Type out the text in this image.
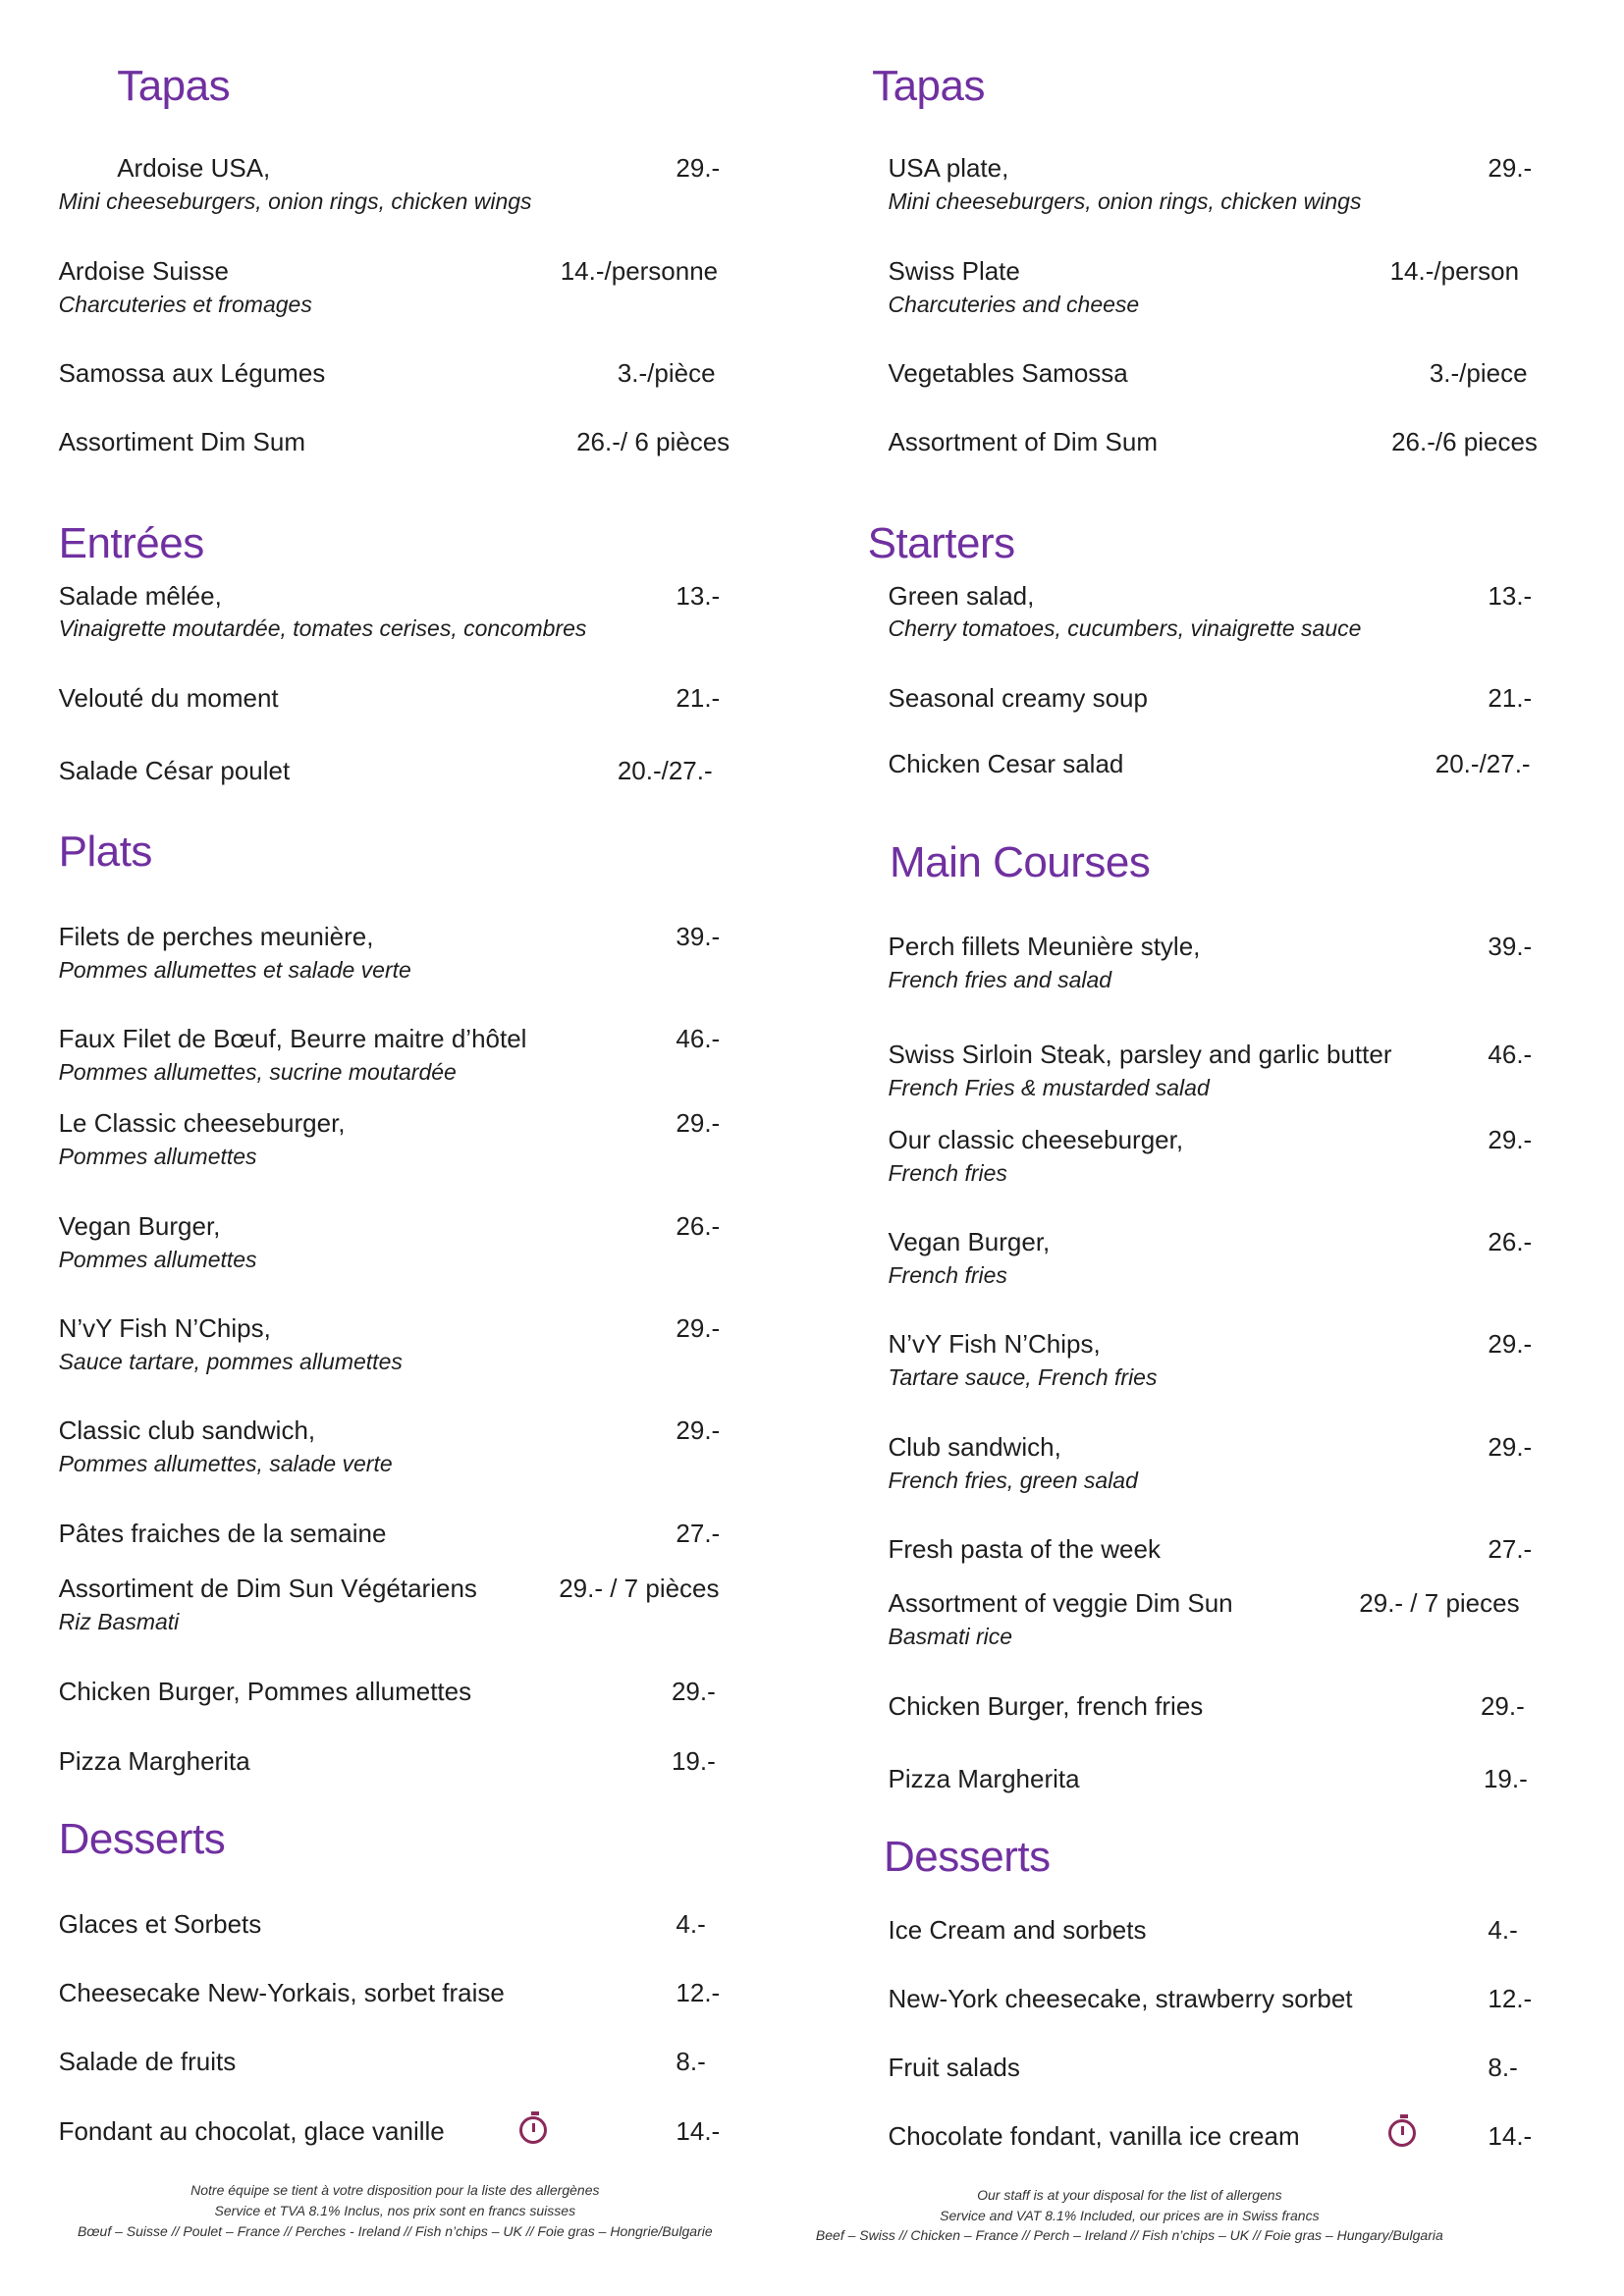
Tapas
Ardoise USA,	29.-
Mini cheeseburgers, onion rings, chicken wings
Ardoise Suisse	14.-/personne
Charcuteries et fromages
Samossa aux Légumes	3.-/pièce
Assortiment Dim Sum	26.-/ 6 pièces
Entrées
Salade mêlée,	13.-
Vinaigrette moutardée, tomates cerises, concombres
Velouté du moment	21.-
Salade César poulet	20.-/27.-
Plats
Filets de perches meunière,	39.-
Pommes allumettes et salade verte
Faux Filet de Bœuf, Beurre maitre d’hôtel	46.-
Pommes allumettes, sucrine moutardée
Le Classic cheeseburger,	29.-
Pommes allumettes
Vegan Burger,	26.-
Pommes allumettes
N’vY Fish N’Chips,	29.-
Sauce tartare, pommes allumettes
Classic club sandwich,	29.-
Pommes allumettes, salade verte
Pâtes fraiches de la semaine	27.-
Assortiment de Dim Sun Végétariens	29.- / 7 pièces
Riz Basmati
Chicken Burger, Pommes allumettes	29.-
Pizza Margherita	19.-
Desserts
Glaces et Sorbets	4.-
Cheesecake New-Yorkais, sorbet fraise	12.-
Salade de fruits	8.-
Fondant au chocolat, glace vanille	14.-
Notre équipe se tient à votre disposition pour la liste des allergènes
Service et TVA 8.1% Inclus, nos prix sont en francs suisses
Bœuf – Suisse // Poulet – France // Perches - Ireland // Fish n’chips – UK // Foie gras – Hongrie/Bulgarie
Tapas
USA plate,	29.-
Mini cheeseburgers, onion rings, chicken wings
Swiss Plate	14.-/person
Charcuteries and cheese
Vegetables Samossa	3.-/piece
Assortment of Dim Sum	26.-/6 pieces
Starters
Green salad,	13.-
Cherry tomatoes, cucumbers, vinaigrette sauce
Seasonal creamy soup	21.-
Chicken Cesar salad	20.-/27.-
Main Courses
Perch fillets Meunière style,	39.-
French fries and salad
Swiss Sirloin Steak, parsley and garlic butter	46.-
French Fries & mustarded salad
Our classic cheeseburger,	29.-
French fries
Vegan Burger,	26.-
French fries
N’vY Fish N’Chips,	29.-
Tartare sauce, French fries
Club sandwich,	29.-
French fries, green salad
Fresh pasta of the week	27.-
Assortment of veggie Dim Sun	29.- / 7 pieces
Basmati rice
Chicken Burger, french fries	29.-
Pizza Margherita	19.-
Desserts
Ice Cream and sorbets	4.-
New-York cheesecake, strawberry sorbet	12.-
Fruit salads	8.-
Chocolate fondant, vanilla ice cream	14.-
Our staff is at your disposal for the list of allergens
Service and VAT 8.1% Included, our prices are in Swiss francs
Beef – Swiss // Chicken – France // Perch – Ireland // Fish n’chips – UK // Foie gras – Hungary/Bulgaria
